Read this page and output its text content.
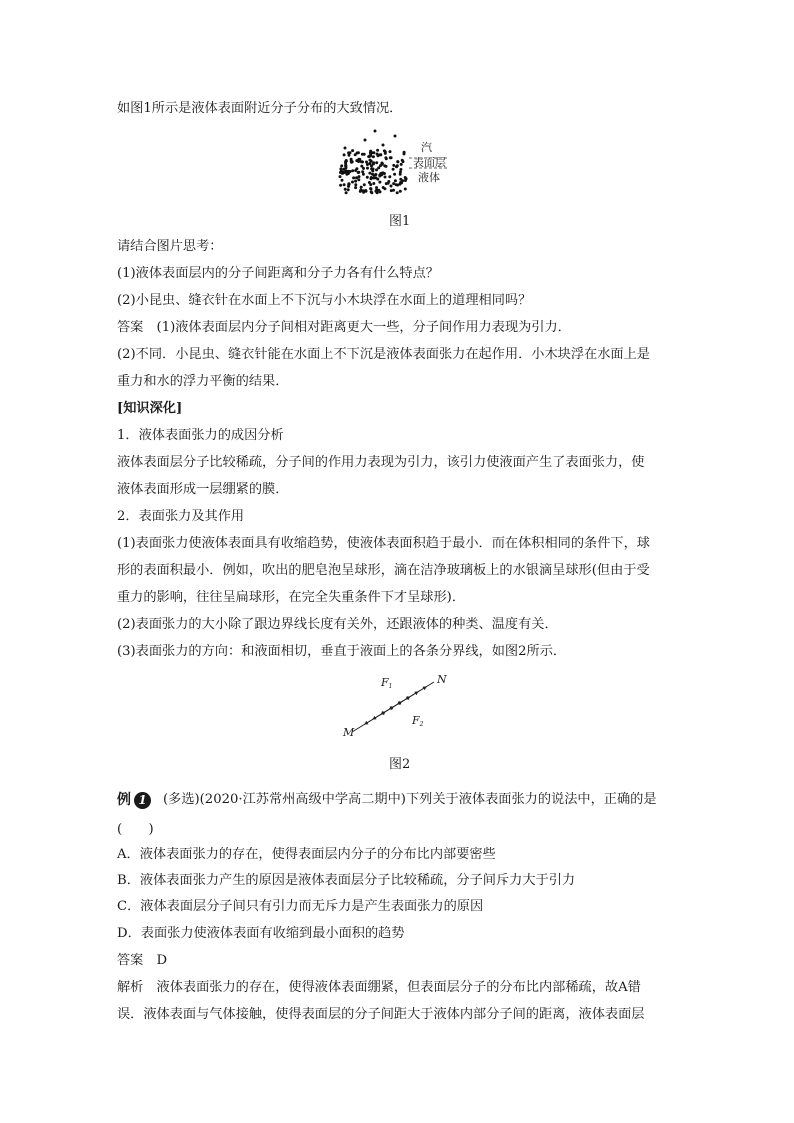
如图1所示是液体表面附近分子分布的大致情况．
汽
表面层
液体
图1
请结合图片思考：
(1)液体表面层内的分子间距离和分子力各有什么特点？
(2)小昆虫、缝衣针在水面上不下沉与小木块浮在水面上的道理相同吗？
答案　(1)液体表面层内分子间相对距离更大一些，分子间作用力表现为引力．
(2)不同．小昆虫、缝衣针能在水面上不下沉是液体表面张力在起作用．小木块浮在水面上是
重力和水的浮力平衡的结果．
[知识深化]
1．液体表面张力的成因分析
液体表面层分子比较稀疏，分子间的作用力表现为引力，该引力使液面产生了表面张力，使
液体表面形成一层绷紧的膜．
2．表面张力及其作用
(1)表面张力使液体表面具有收缩趋势，使液体表面积趋于最小．而在体积相同的条件下，球
形的表面积最小．例如，吹出的肥皂泡呈球形，滴在洁净玻璃板上的水银滴呈球形(但由于受
重力的影响，往往呈扁球形，在完全失重条件下才呈球形)．
(2)表面张力的大小除了跟边界线长度有关外，还跟液体的种类、温度有关．
(3)表面张力的方向：和液面相切，垂直于液面上的各条分界线，如图2所示．
N
M
F1
F2
图2
例 1	(多选)(2020·江苏常州高级中学高二期中)下列关于液体表面张力的说法中，正确的是
(　　)
A．液体表面张力的存在，使得表面层内分子的分布比内部要密些
B．液体表面张力产生的原因是液体表面层分子比较稀疏，分子间斥力大于引力
C．液体表面层分子间只有引力而无斥力是产生表面张力的原因
D．表面张力使液体表面有收缩到最小面积的趋势
答案　D
解析　液体表面张力的存在，使得液体表面绷紧，但表面层分子的分布比内部稀疏，故A错
误．液体表面与气体接触，使得表面层的分子间距大于液体内部分子间的距离，液体表面层
